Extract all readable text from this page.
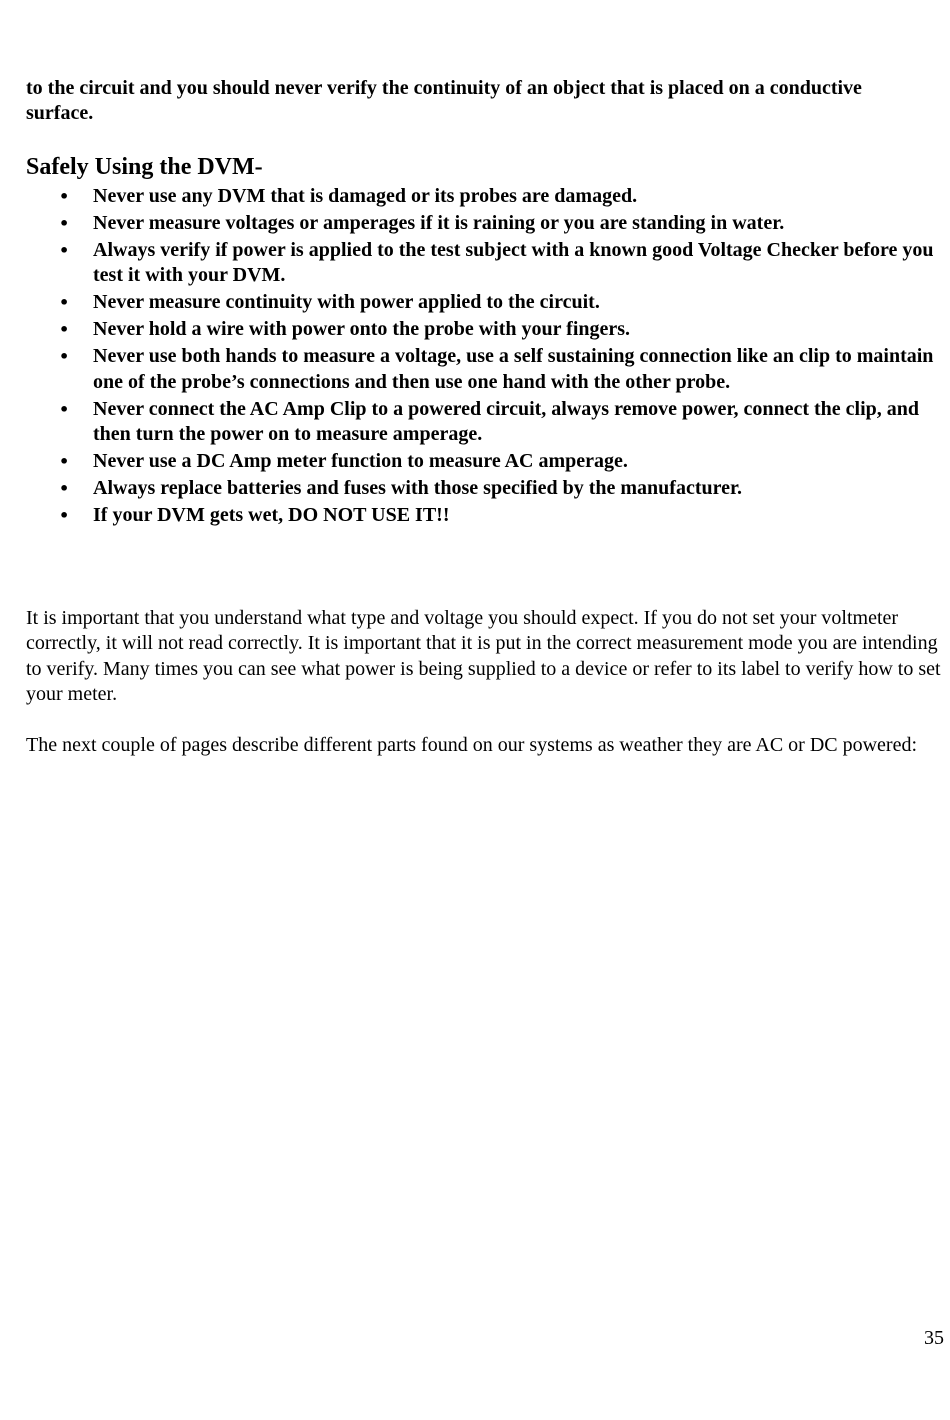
to the circuit and you should never verify the continuity of an object that is placed on a conductive surface.

Safely Using the DVM-
• Never use any DVM that is damaged or its probes are damaged.
• Never measure voltages or amperages if it is raining or you are standing in water.
• Always verify if power is applied to the test subject with a known good Voltage Checker before you test it with your DVM.
• Never measure continuity with power applied to the circuit.
• Never hold a wire with power onto the probe with your fingers.
• Never use both hands to measure a voltage, use a self sustaining connection like an clip to maintain one of the probe’s connections and then use one hand with the other probe.
• Never connect the AC Amp Clip to a powered circuit, always remove power, connect the clip, and then turn the power on to measure amperage.
• Never use a DC Amp meter function to measure AC amperage.
• Always replace batteries and fuses with those specified by the manufacturer.
• If your DVM gets wet, DO NOT USE IT!!

It is important that you understand what type and voltage you should expect. If you do not set your voltmeter correctly, it will not read correctly. It is important that it is put in the correct measurement mode you are intending to verify. Many times you can see what power is being supplied to a device or refer to its label to verify how to set your meter.

The next couple of pages describe different parts found on our systems as weather they are AC or DC powered:

35
